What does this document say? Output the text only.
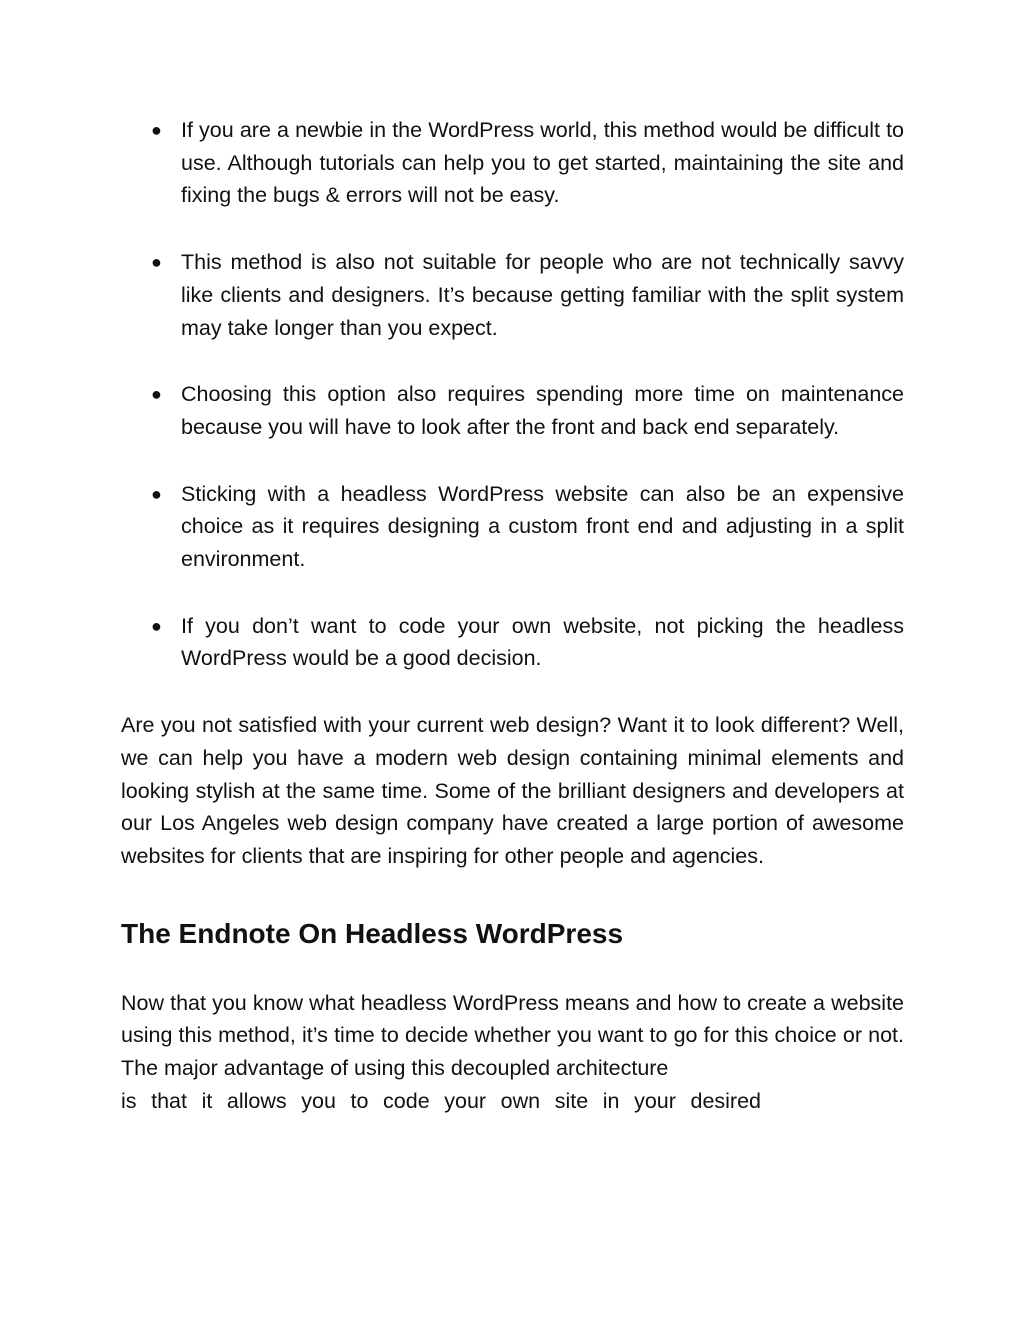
● If you are a newbie in the WordPress world, this method would be difficult to use. Although tutorials can help you to get started, maintaining the site and fixing the bugs & errors will not be easy.
● This method is also not suitable for people who are not technically savvy like clients and designers. It’s because getting familiar with the split system may take longer than you expect.
● Choosing this option also requires spending more time on maintenance because you will have to look after the front and back end separately.
● Sticking with a headless WordPress website can also be an expensive choice as it requires designing a custom front end and adjusting in a split environment.
● If you don’t want to code your own website, not picking the headless WordPress would be a good decision.

Are you not satisfied with your current web design? Want it to look different? Well, we can help you have a modern web design containing minimal elements and looking stylish at the same time. Some of the brilliant designers and developers at our Los Angeles web design company have created a large portion of awesome websites for clients that are inspiring for other people and agencies.

The Endnote On Headless WordPress

Now that you know what headless WordPress means and how to create a website using this method, it’s time to decide whether you want to go for this choice or not. The major advantage of using this decoupled architecture
is that it allows you to code your own site in your desired
